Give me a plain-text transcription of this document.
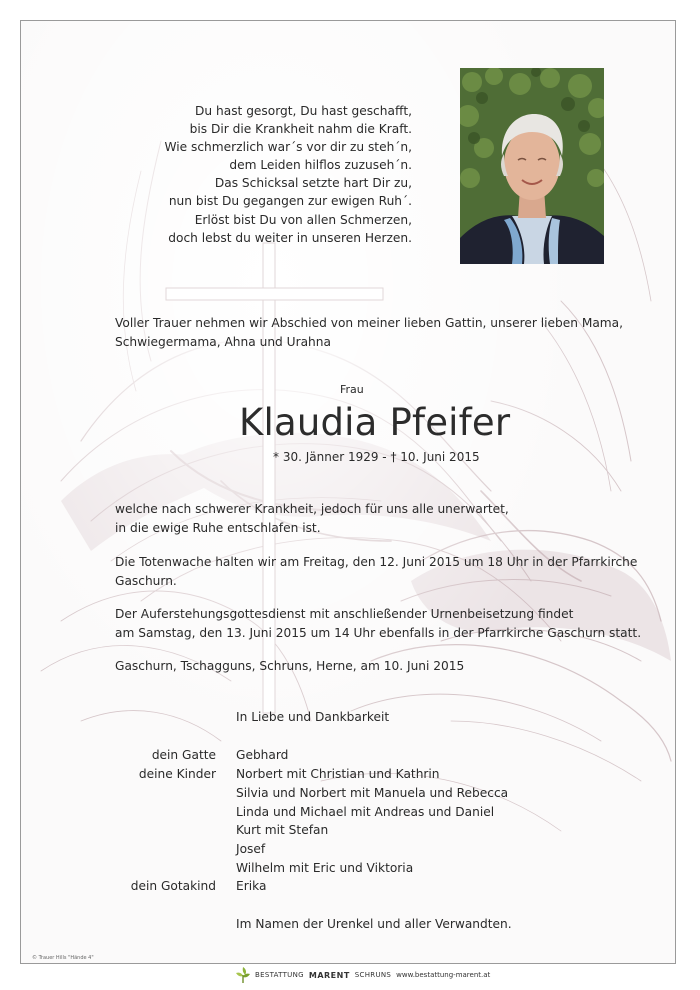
Du hast gesorgt, Du hast geschafft,
bis Dir die Krankheit nahm die Kraft.
Wie schmerzlich war´s vor dir zu steh´n,
dem Leiden hilflos zuzuseh´n.
Das Schicksal setzte hart Dir zu,
nun bist Du gegangen zur ewigen Ruh´.
Erlöst bist Du von allen Schmerzen,
doch lebst du weiter in unseren Herzen.
Voller Trauer nehmen wir Abschied von meiner lieben Gattin, unserer lieben Mama,
Schwiegermama, Ahna und Urahna
Frau
Klaudia Pfeifer
* 30. Jänner 1929 - † 10. Juni 2015
welche nach schwerer Krankheit, jedoch für uns alle unerwartet,
in die ewige Ruhe entschlafen ist.
Die Totenwache halten wir am Freitag, den 12. Juni 2015 um 18 Uhr in der Pfarrkirche
Gaschurn.
Der Auferstehungsgottesdienst mit anschließender Urnenbeisetzung findet
am Samstag, den 13. Juni 2015 um 14 Uhr ebenfalls in der Pfarrkirche Gaschurn statt.
Gaschurn, Tschagguns, Schruns, Herne, am 10. Juni 2015
In Liebe und Dankbarkeit
dein Gatte Gebhard
deine Kinder Norbert mit Christian und Kathrin
Silvia und Norbert mit Manuela und Rebecca
Linda und Michael mit Andreas und Daniel
Kurt mit Stefan
Josef
Wilhelm mit Eric und Viktoria
dein Gotakind Erika
Im Namen der Urenkel und aller Verwandten.
© Trauer Hills "Hände 4"
BESTATTUNG MARENT SCHRUNS www.bestattung-marent.at
